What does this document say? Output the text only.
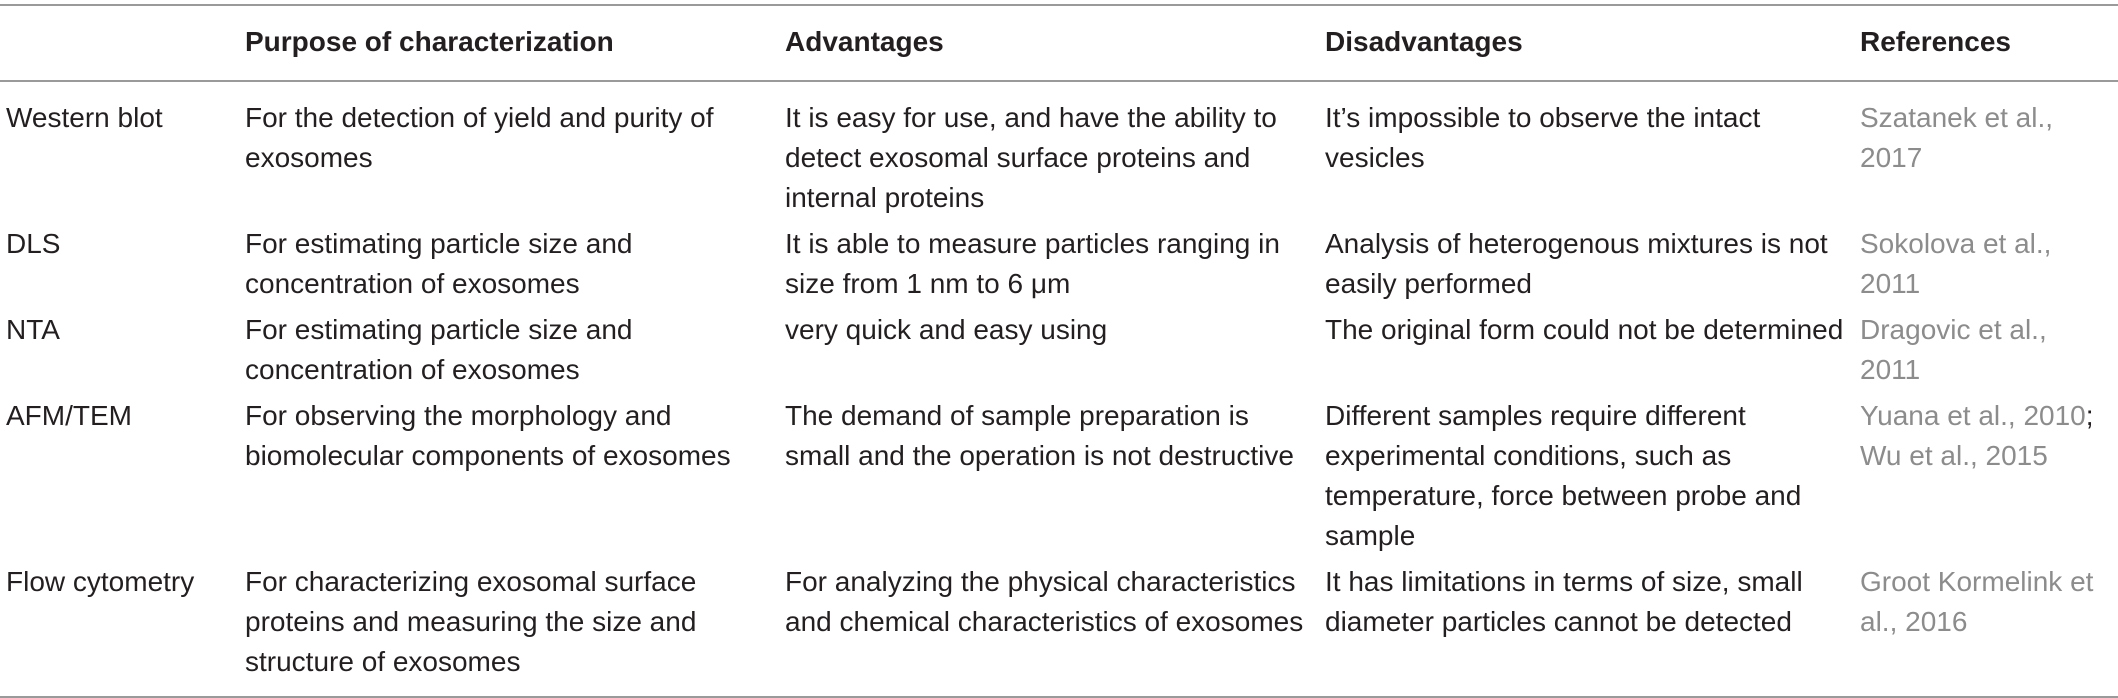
	Purpose of characterization	Advantages	Disadvantages	References
Western blot	For the detection of yield and purity of exosomes	It is easy for use, and have the ability to detect exosomal surface proteins and internal proteins	It’s impossible to observe the intact vesicles	Szatanek et al., 2017
DLS	For estimating particle size and concentration of exosomes	It is able to measure particles ranging in size from 1 nm to 6 μm	Analysis of heterogenous mixtures is not easily performed	Sokolova et al., 2011
NTA	For estimating particle size and concentration of exosomes	very quick and easy using	The original form could not be determined	Dragovic et al., 2011
AFM/TEM	For observing the morphology and biomolecular components of exosomes	The demand of sample preparation is small and the operation is not destructive	Different samples require different experimental conditions, such as temperature, force between probe and sample	Yuana et al., 2010; Wu et al., 2015
Flow cytometry	For characterizing exosomal surface proteins and measuring the size and structure of exosomes	For analyzing the physical characteristics and chemical characteristics of exosomes	It has limitations in terms of size, small diameter particles cannot be detected	Groot Kormelink et al., 2016
